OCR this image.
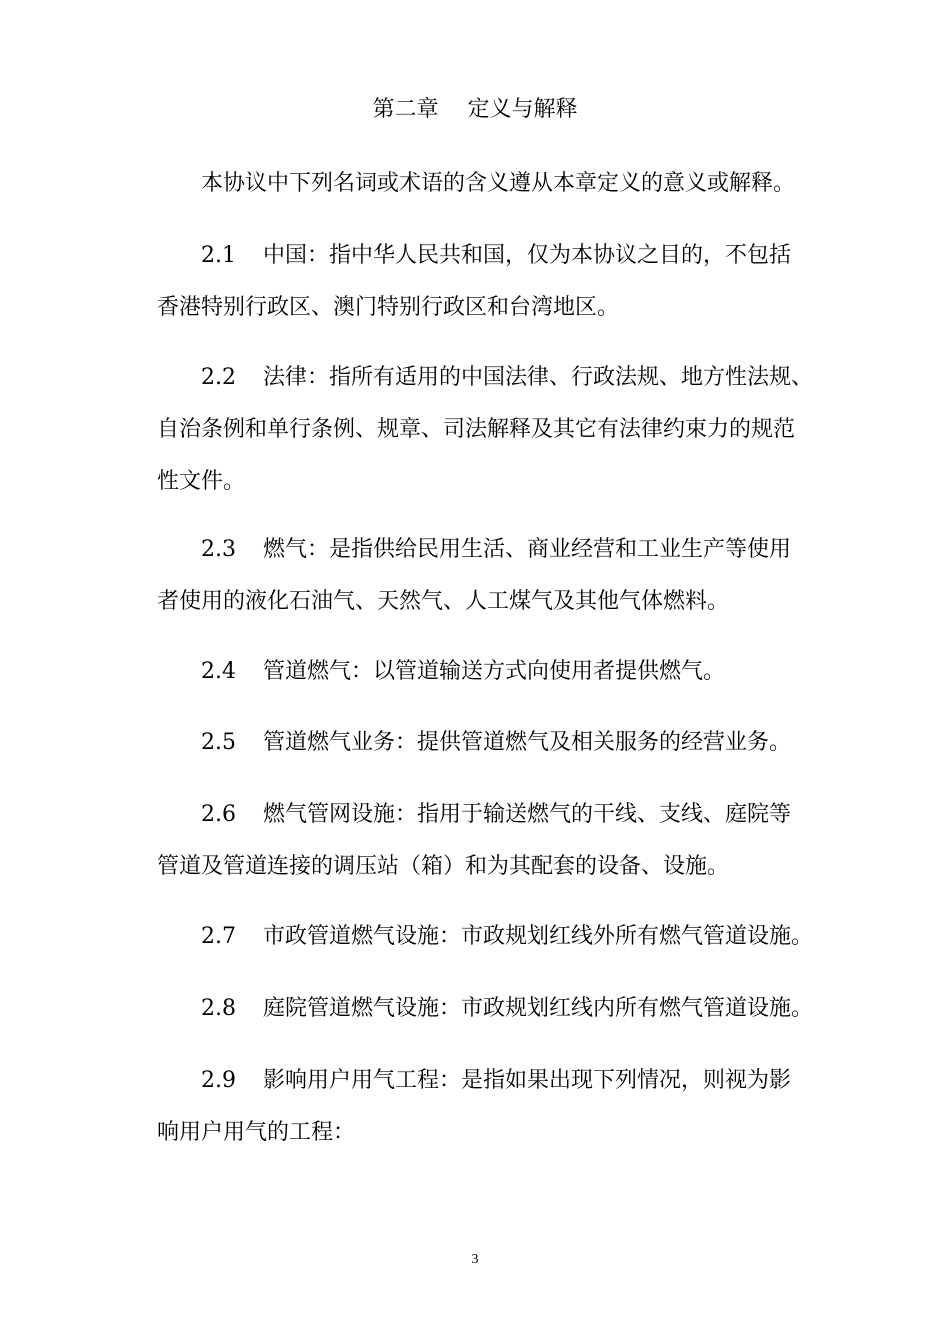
第二章　 定义与解释

本协议中下列名词或术语的含义遵从本章定义的意义或解释。

2.1 中国：指中华人民共和国，仅为本协议之目的，不包括
香港特别行政区、澳门特别行政区和台湾地区。

2.2 法律：指所有适用的中国法律、行政法规、地方性法规、
自治条例和单行条例、规章、司法解释及其它有法律约束力的规范
性文件。

2.3 燃气：是指供给民用生活、商业经营和工业生产等使用
者使用的液化石油气、天然气、人工煤气及其他气体燃料。

2.4 管道燃气：以管道输送方式向使用者提供燃气。

2.5 管道燃气业务：提供管道燃气及相关服务的经营业务。

2.6 燃气管网设施：指用于输送燃气的干线、支线、庭院等
管道及管道连接的调压站（箱）和为其配套的设备、设施。

2.7 市政管道燃气设施：市政规划红线外所有燃气管道设施。

2.8 庭院管道燃气设施：市政规划红线内所有燃气管道设施。

2.9 影响用户用气工程：是指如果出现下列情况，则视为影
响用户用气的工程：

3
